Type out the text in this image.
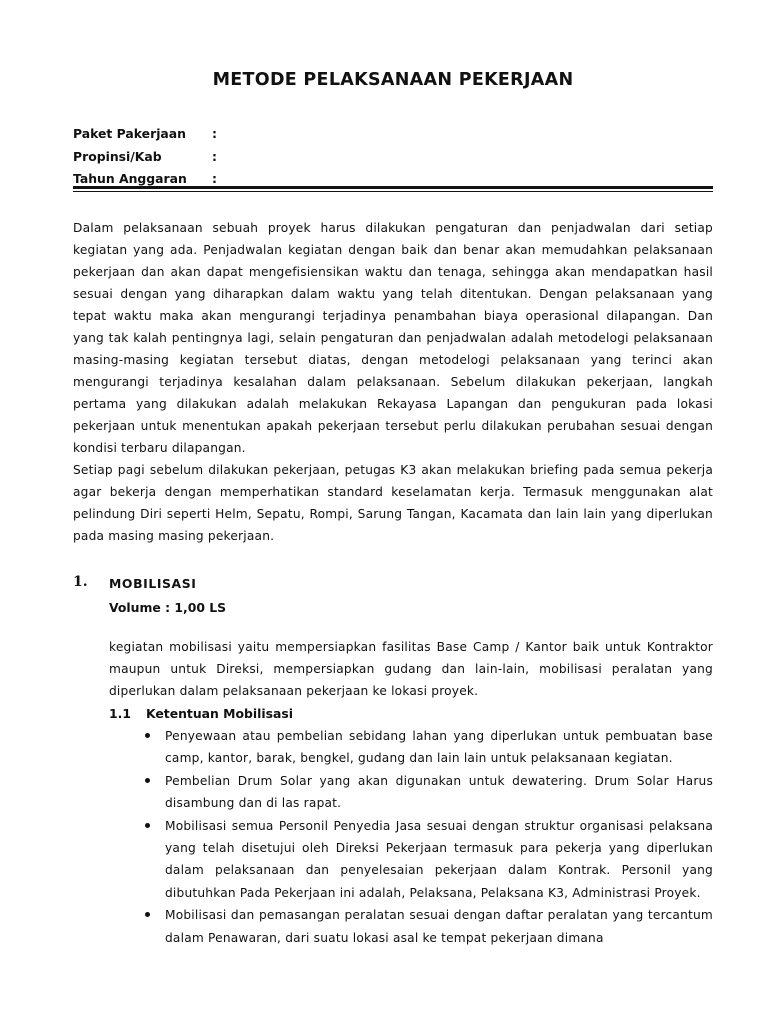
METODE PELAKSANAAN PEKERJAAN
Paket Pakerjaan	:
Propinsi/Kab	:
Tahun Anggaran	:

Dalam pelaksanaan sebuah proyek harus dilakukan pengaturan dan penjadwalan dari setiap kegiatan yang ada. Penjadwalan kegiatan dengan baik dan benar akan memudahkan pelaksanaan pekerjaan dan akan dapat mengefisiensikan waktu dan tenaga, sehingga akan mendapatkan hasil sesuai dengan yang diharapkan dalam waktu yang telah ditentukan. Dengan pelaksanaan yang tepat waktu maka akan mengurangi terjadinya penambahan biaya operasional dilapangan. Dan yang tak kalah pentingnya lagi, selain pengaturan dan penjadwalan adalah metodelogi pelaksanaan masing-masing kegiatan tersebut diatas, dengan metodelogi pelaksanaan yang terinci akan mengurangi terjadinya kesalahan dalam pelaksanaan. Sebelum dilakukan pekerjaan, langkah pertama yang dilakukan adalah melakukan Rekayasa Lapangan dan pengukuran pada lokasi pekerjaan untuk menentukan apakah pekerjaan tersebut perlu dilakukan perubahan sesuai dengan kondisi terbaru dilapangan.

Setiap pagi sebelum dilakukan pekerjaan, petugas K3 akan melakukan briefing pada semua pekerja agar bekerja dengan memperhatikan standard keselamatan kerja. Termasuk menggunakan alat pelindung Diri seperti Helm, Sepatu, Rompi, Sarung Tangan, Kacamata dan lain lain yang diperlukan pada masing masing pekerjaan.

1. MOBILISASI
Volume : 1,00 LS

kegiatan mobilisasi yaitu mempersiapkan fasilitas Base Camp / Kantor baik untuk Kontraktor maupun untuk Direksi, mempersiapkan gudang dan lain-lain, mobilisasi peralatan yang diperlukan dalam pelaksanaan pekerjaan ke lokasi proyek.

1.1 Ketentuan Mobilisasi
Penyewaan atau pembelian sebidang lahan yang diperlukan untuk pembuatan base camp, kantor, barak, bengkel, gudang dan lain lain untuk pelaksanaan kegiatan.
Pembelian Drum Solar yang akan digunakan untuk dewatering. Drum Solar Harus disambung dan di las rapat.
Mobilisasi semua Personil Penyedia Jasa sesuai dengan struktur organisasi pelaksana yang telah disetujui oleh Direksi Pekerjaan termasuk para pekerja yang diperlukan dalam pelaksanaan dan penyelesaian pekerjaan dalam Kontrak. Personil yang dibutuhkan Pada Pekerjaan ini adalah, Pelaksana, Pelaksana K3, Administrasi Proyek.
Mobilisasi dan pemasangan peralatan sesuai dengan daftar peralatan yang tercantum dalam Penawaran, dari suatu lokasi asal ke tempat pekerjaan dimana
